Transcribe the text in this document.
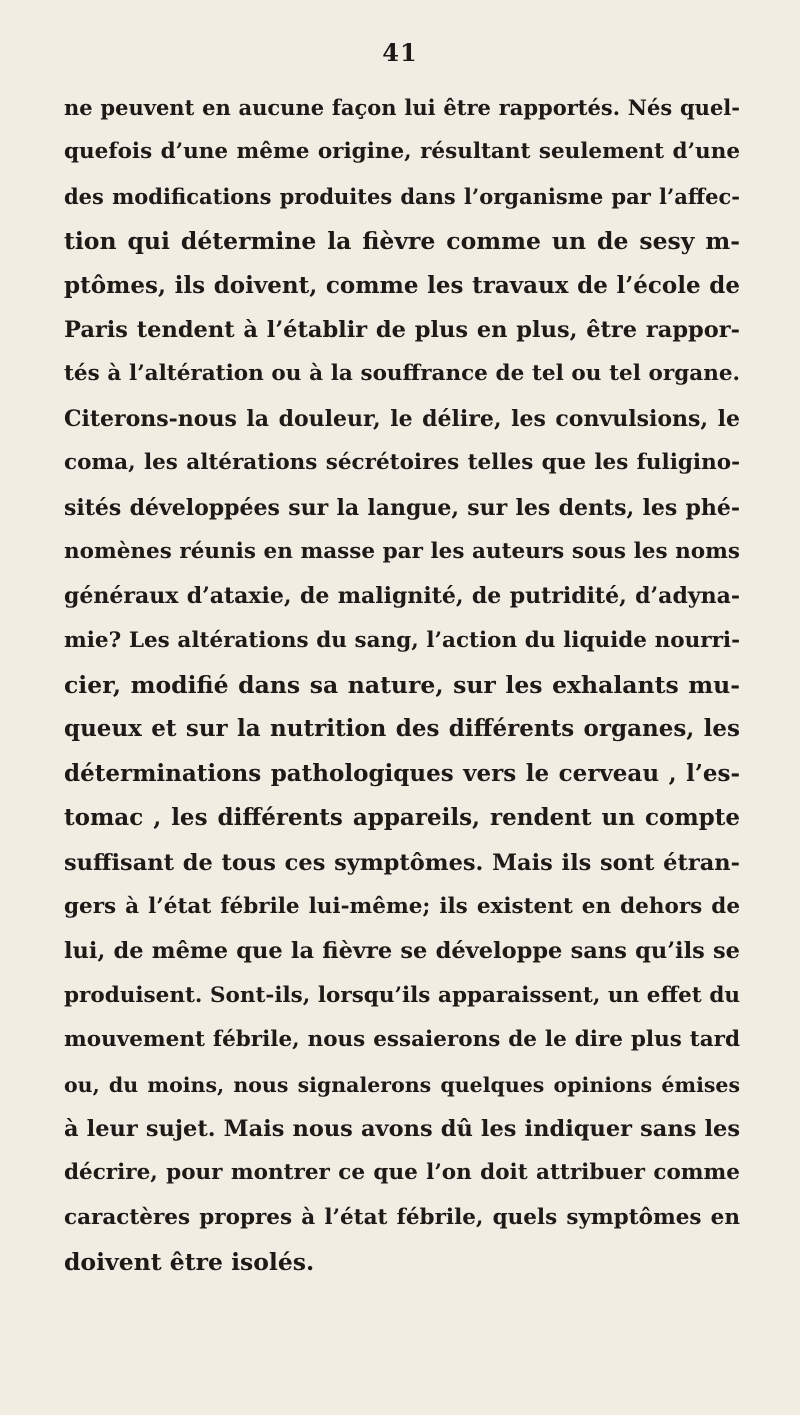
41
ne peuvent en aucune façon lui être rapportés. Nés quel-
quefois d’une même origine, résultant seulement d’une
des modifications produites dans l’organisme par l’affec-
tion qui détermine la fièvre comme un de sesy m-
ptômes, ils doivent, comme les travaux de l’école de
Paris tendent à l’établir de plus en plus, être rappor-
tés à l’altération ou à la souffrance de tel ou tel organe.
Citerons-nous la douleur, le délire, les convulsions, le
coma, les altérations sécrétoires telles que les fuligino-
sités développées sur la langue, sur les dents, les phé-
nomènes réunis en masse par les auteurs sous les noms
généraux d’ataxie, de malignité, de putridité, d’adyna-
mie? Les altérations du sang, l’action du liquide nourri-
cier, modifié dans sa nature, sur les exhalants mu-
queux et sur la nutrition des différents organes, les
déterminations pathologiques vers le cerveau , l’es-
tomac , les différents appareils, rendent un compte
suffisant de tous ces symptômes. Mais ils sont étran-
gers à l’état fébrile lui-même; ils existent en dehors de
lui, de même que la fièvre se développe sans qu’ils se
produisent. Sont-ils, lorsqu’ils apparaissent, un effet du
mouvement fébrile, nous essaierons de le dire plus tard
ou, du moins, nous signalerons quelques opinions émises
à leur sujet. Mais nous avons dû les indiquer sans les
décrire, pour montrer ce que l’on doit attribuer comme
caractères propres à l’état fébrile, quels symptômes en
doivent être isolés.
